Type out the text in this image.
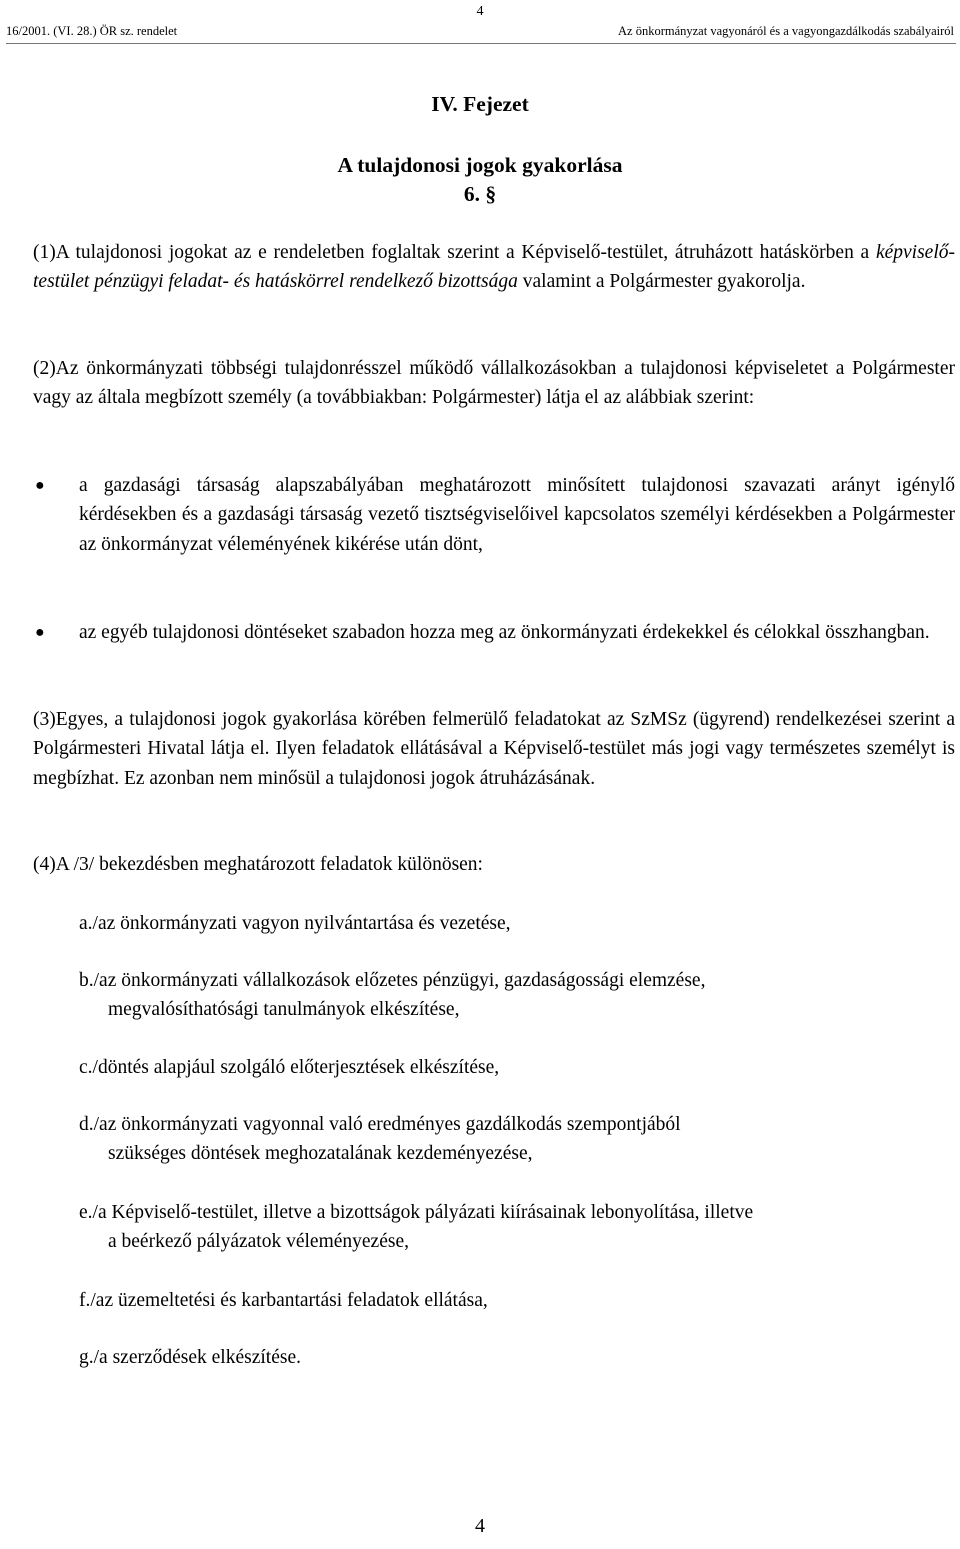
4
16/2001. (VI. 28.) ÖR sz. rendelet	Az önkormányzat vagyonáról és a vagyongazdálkodás szabályairól
IV. Fejezet
A tulajdonosi jogok gyakorlása
6. §
(1)A tulajdonosi jogokat az e rendeletben foglaltak szerint a Képviselő-testület, átruházott hatáskörben a képviselő-testület pénzügyi feladat- és hatáskörrel rendelkező bizottsága valamint a Polgármester gyakorolja.
(2)Az önkormányzati többségi tulajdonrésszel működő vállalkozásokban a tulajdonosi képviseletet a Polgármester vagy az általa megbízott személy (a továbbiakban: Polgármester) látja el az alábbiak szerint:
● a gazdasági társaság alapszabályában meghatározott minősített tulajdonosi szavazati arányt igénylő kérdésekben és a gazdasági társaság vezető tisztségviselőivel kapcsolatos személyi kérdésekben a Polgármester az önkormányzat véleményének kikérése után dönt,
● az egyéb tulajdonosi döntéseket szabadon hozza meg az önkormányzati érdekekkel és célokkal összhangban.
(3)Egyes, a tulajdonosi jogok gyakorlása körében felmerülő feladatokat az SzMSz (ügyrend) rendelkezései szerint a Polgármesteri Hivatal látja el. Ilyen feladatok ellátásával a Képviselő-testület más jogi vagy természetes személyt is megbízhat. Ez azonban nem minősül a tulajdonosi jogok átruházásának.
(4)A /3/ bekezdésben meghatározott feladatok különösen:
a./az önkormányzati vagyon nyilvántartása és vezetése,
b./az önkormányzati vállalkozások előzetes pénzügyi, gazdaságossági elemzése,
megvalósíthatósági tanulmányok elkészítése,
c./döntés alapjául szolgáló előterjesztések elkészítése,
d./az önkormányzati vagyonnal való eredményes gazdálkodás szempontjából
szükséges döntések meghozatalának kezdeményezése,
e./a Képviselő-testület, illetve a bizottságok pályázati kiírásainak lebonyolítása, illetve
a beérkező pályázatok véleményezése,
f./az üzemeltetési és karbantartási feladatok ellátása,
g./a szerződések elkészítése.
4
